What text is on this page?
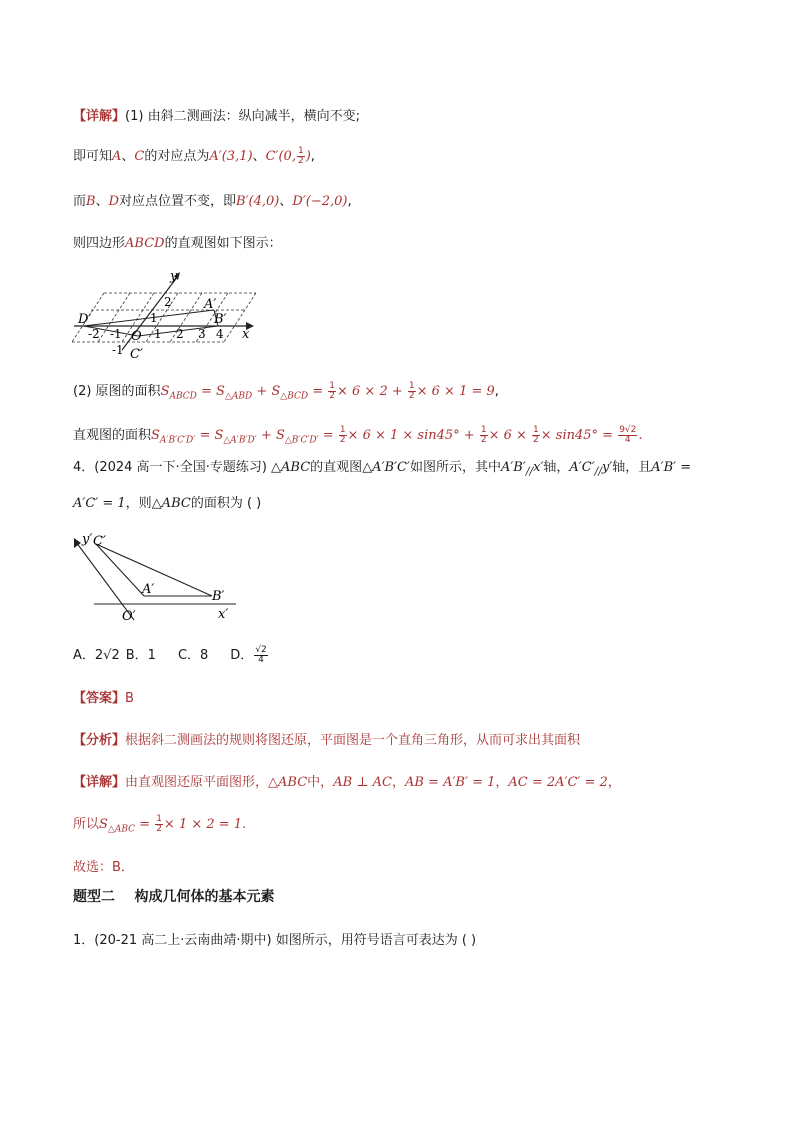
【详解】(1) 由斜二测画法：纵向减半，横向不变;
即可知A、C的对应点为A′(3,1)、C′(0, $\frac{1}{2}$ ),
而B、D对应点位置不变，即B′(4,0)、D′(−2,0),
则四边形ABCD的直观图如下图示：
x
y
D′
A′
B′
C′
O
2
1
-2 -1	1 2 3 4
-1
(2) 原图的面积$S_{ABCD} = S_{\triangle ABD} + S_{\triangle BCD} = \frac{1}{2} \times 6 \times 2 + \frac{1}{2} \times 6 \times 1 = 9$,
直观图的面积$S_{A'B'C'D'} = S_{\triangle A'B'D'} + S_{\triangle B'C'D'} = \frac{1}{2} \times 6 \times 1 \times \sin 45^\circ + \frac{1}{2} \times 6 \times \frac{1}{2} \times \sin 45^\circ = \frac{9√2}{4}$ .
4．(2024 高一下·全国·专题练习) △ABC的直观图△A′B′C′如图所示，其中$A'B'_{//}x'$轴，$A'C'_{//}y'$轴，且A′B′ =
A′C′ = 1，则△ABC的面积为 ( )
y′ C′
A′	B′
O′	x′
A．2√2 B．1 C．8 D． $\frac{√2}{4}$
【答案】B
【分析】根据斜二测画法的规则将图还原，平面图是一个直角三角形，从而可求出其面积
【详解】由直观图还原平面图形，△ABC中，AB ⊥ AC，AB = A′B′ = 1，AC = 2A′C′ = 2，
所以$S_{\triangle ABC} = \frac{1}{2} \times 1 \times 2 = 1$.
故选：B．
题型二    构成几何体的基本元素
1．(20-21 高二上·云南曲靖·期中) 如图所示，用符号语言可表达为 ( )
